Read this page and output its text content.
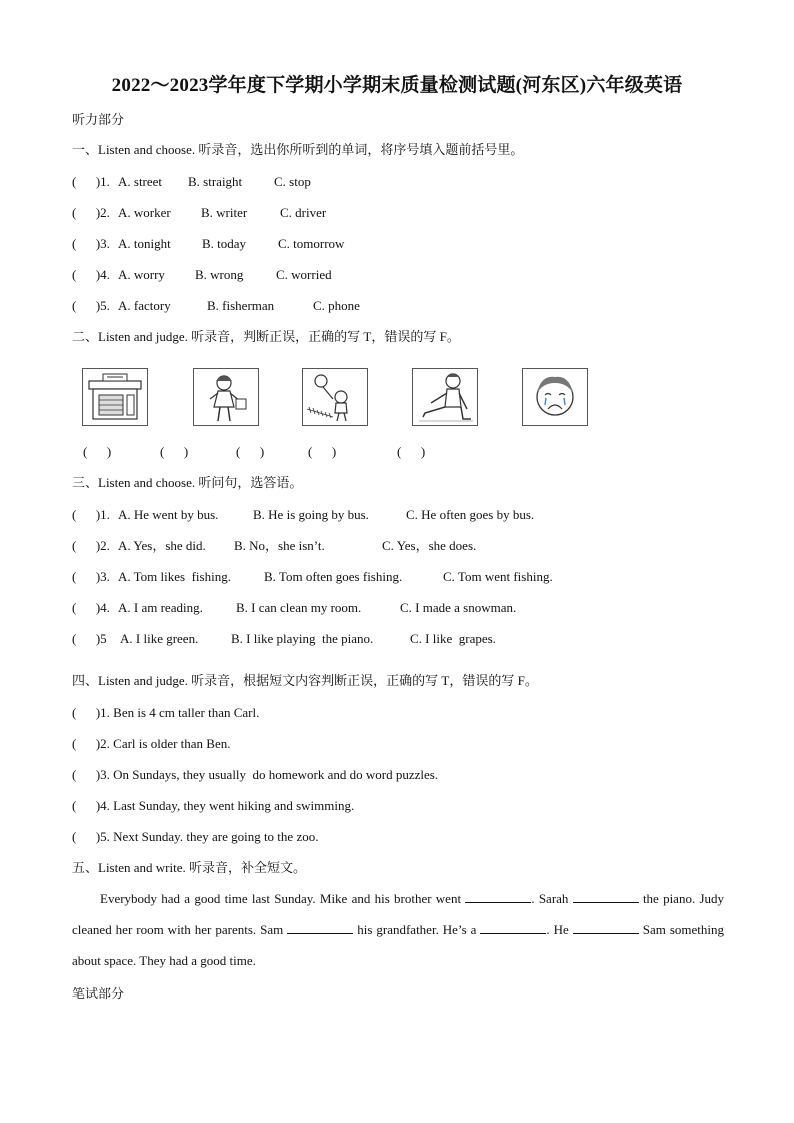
2022～2023学年度下学期小学期末质量检测试题(河东区)六年级英语
听力部分
一、Listen and choose. 听录音，选出你所听到的单词，将序号填入题前括号里。
(      )1. A. street B. straight C. stop
(      )2. A. worker B. writer	C. driver
(      )3. A. tonight B. today C. tomorrow
(      )4. A. worry B. wrong	C. worried
(      )5. A. factory	B. fisherman	C. phone
二、Listen and judge. 听录音，判断正误，正确的写 T，错误的写 F。
(      )	(      )	(      )	(      )	(      )
三、Listen and choose. 听问句，选答语。
(      )1. A. He went by bus.	B. He is going by bus.	C. He often goes by bus.
(      )2. A. Yes，she did. B. No，she isn’t.	C. Yes，she does.
(      )3. A. Tom likes  fishing.	B. Tom often goes fishing.	C. Tom went fishing.
(      )4. A. I am reading.	B. I can clean my room.	C. I made a snowman.
(      )5 A. I like green.	B. I like playing  the piano.	C. I like  grapes.
四、Listen and judge. 听录音，根据短文内容判断正误，正确的写 T，错误的写 F。
(      )1. Ben is 4 cm taller than Carl.
(      )2. Carl is older than Ben.
(      )3. On Sundays, they usually  do homework and do word puzzles.
(      )4. Last Sunday, they went hiking and swimming.
(      )5. Next Sunday. they are going to the zoo.
五、Listen and write. 听录音，补全短文。
Everybody had a good time last Sunday. Mike and his brother went	. Sarah	the piano. Judy cleaned her room with her parents. Sam	his grandfather. He’s a	. He	Sam something about space. They had a good time.
笔试部分
